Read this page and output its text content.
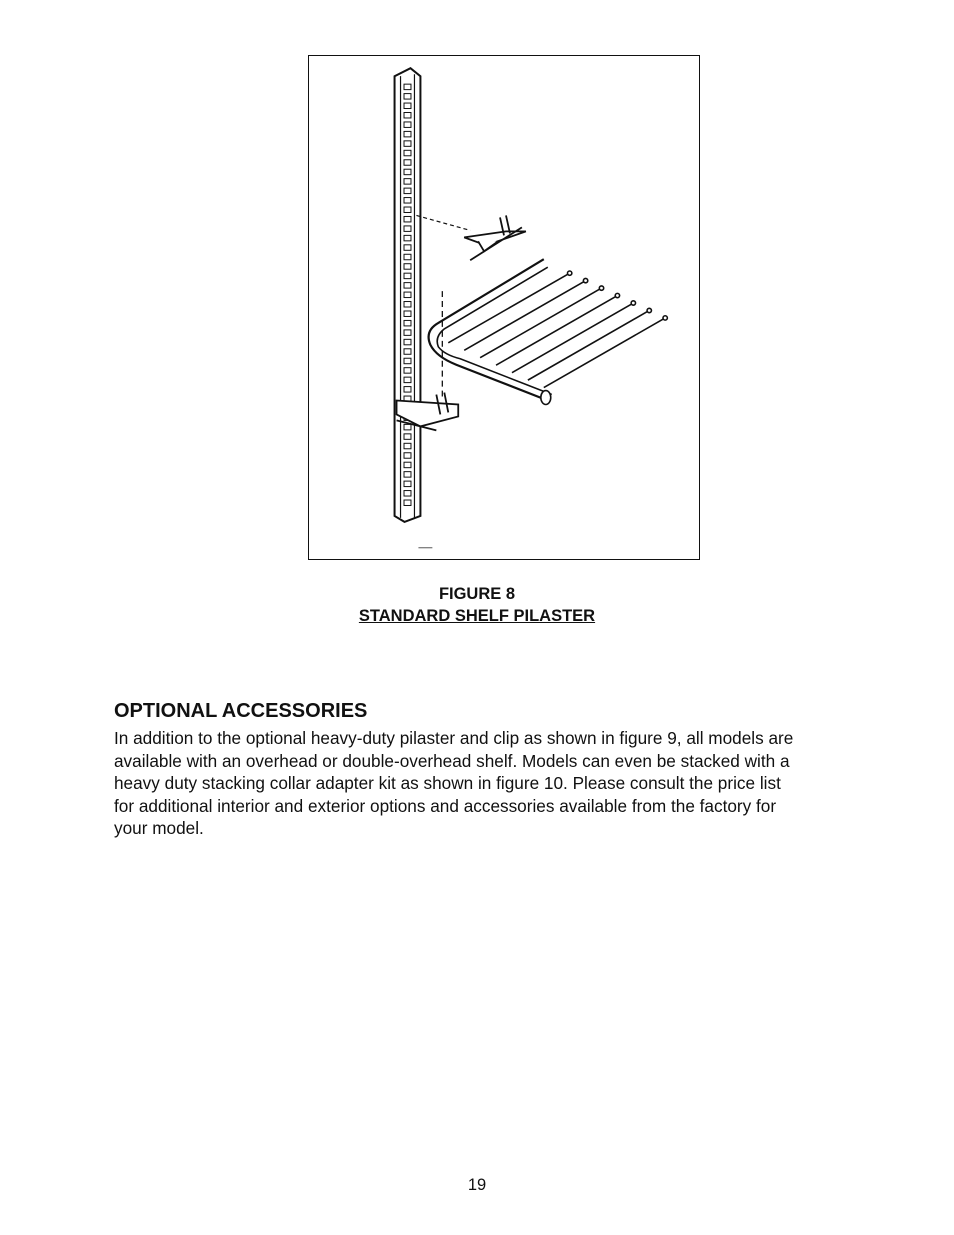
FIGURE 8
STANDARD SHELF PILASTER
OPTIONAL ACCESSORIES

In addition to the optional heavy-duty pilaster and clip as shown in figure 9, all models are available with an overhead or double-overhead shelf. Models can even be stacked with a heavy duty stacking collar adapter kit as shown in figure 10. Please consult the price list for additional interior and exterior options and accessories available from the factory for your model.

19
